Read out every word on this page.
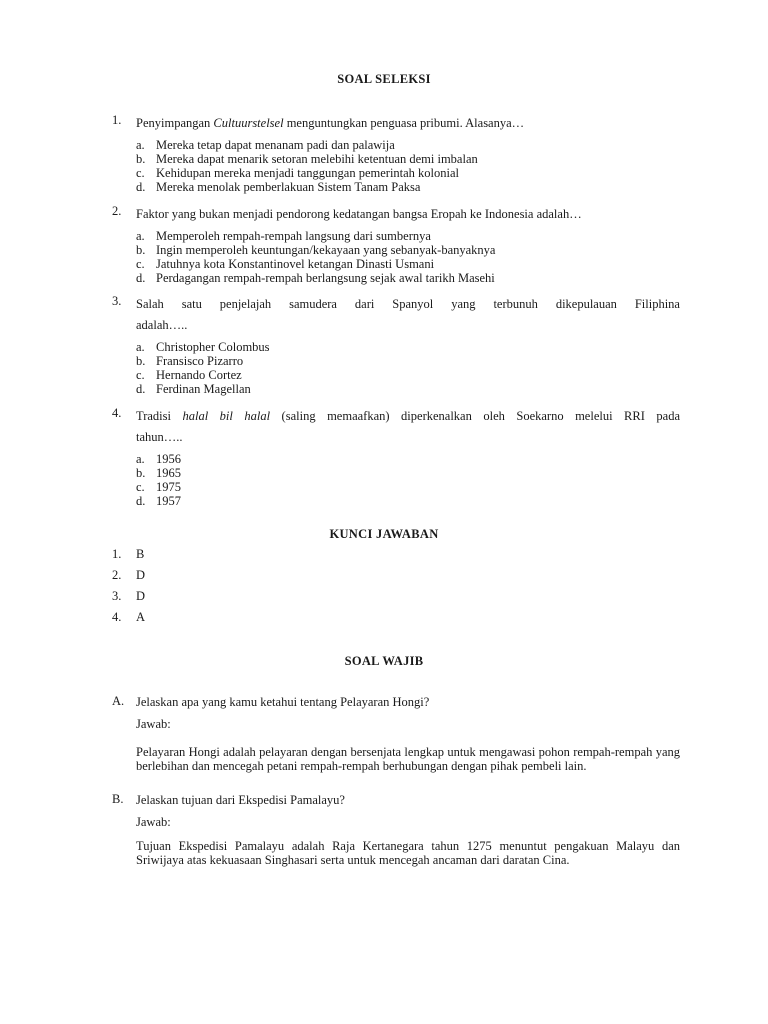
SOAL SELEKSI
1.	Penyimpangan Cultuurstelsel menguntungkan penguasa pribumi. Alasanya…
a. Mereka tetap dapat menanam padi dan palawija
b. Mereka dapat menarik setoran melebihi ketentuan demi imbalan
c. Kehidupan mereka menjadi tanggungan pemerintah kolonial
d. Mereka menolak pemberlakuan Sistem Tanam Paksa
2.	Faktor yang bukan menjadi pendorong kedatangan bangsa Eropah ke Indonesia adalah…
a. Memperoleh rempah-rempah langsung dari sumbernya
b. Ingin memperoleh keuntungan/kekayaan yang sebanyak-banyaknya
c. Jatuhnya kota Konstantinovel ketangan Dinasti Usmani
d. Perdagangan rempah-rempah berlangsung sejak awal tarikh Masehi
3.	Salah satu penjelajah samudera dari Spanyol yang terbunuh dikepulauan Filiphina
adalah…..
a. Christopher Colombus
b. Fransisco Pizarro
c. Hernando Cortez
d. Ferdinan Magellan
4.	Tradisi halal bil halal (saling memaafkan) diperkenalkan oleh Soekarno melelui RRI pada
tahun…..
a. 1956
b. 1965
c. 1975
d. 1957
KUNCI JAWABAN
1.	B
2.	D
3.	D
4.	A
SOAL WAJIB
A. Jelaskan apa yang kamu ketahui tentang Pelayaran Hongi?
Jawab:
Pelayaran Hongi adalah pelayaran dengan bersenjata lengkap untuk mengawasi pohon rempah-rempah yang berlebihan dan mencegah petani rempah-rempah berhubungan dengan pihak pembeli lain.
B.	Jelaskan tujuan dari Ekspedisi Pamalayu?
Jawab:
Tujuan Ekspedisi Pamalayu adalah Raja Kertanegara tahun 1275 menuntut pengakuan Malayu dan Sriwijaya atas kekuasaan Singhasari serta untuk mencegah ancaman dari daratan Cina.
